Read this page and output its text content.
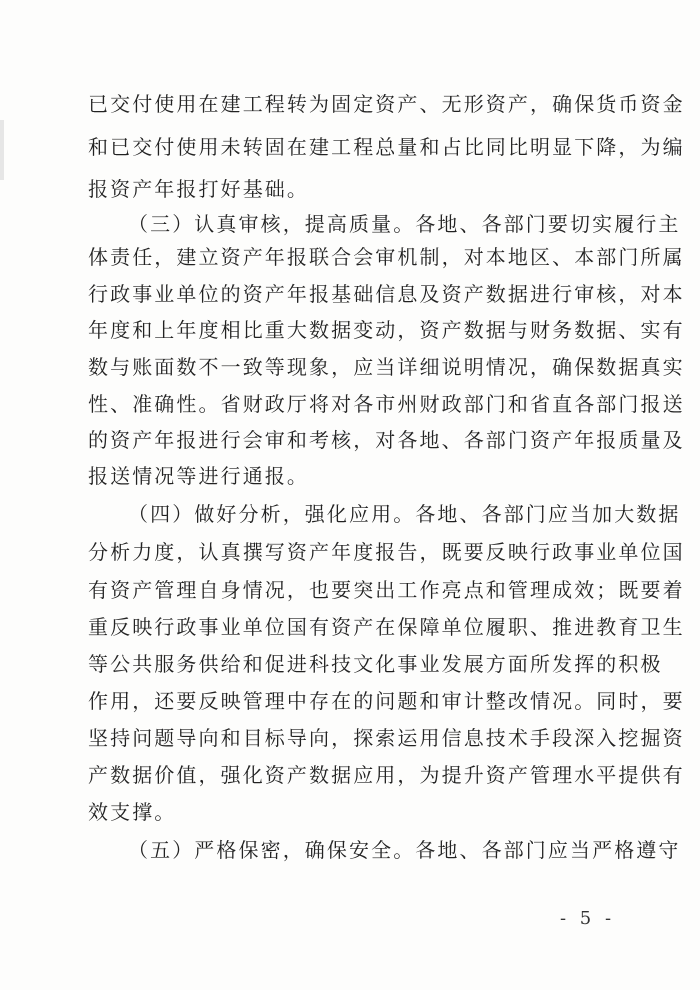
已交付使用在建工程转为固定资产、无形资产，确保货币资金
和已交付使用未转固在建工程总量和占比同比明显下降，为编
报资产年报打好基础。
（三）认真审核，提高质量。各地、各部门要切实履行主
体责任，建立资产年报联合会审机制，对本地区、本部门所属
行政事业单位的资产年报基础信息及资产数据进行审核，对本
年度和上年度相比重大数据变动，资产数据与财务数据、实有
数与账面数不一致等现象，应当详细说明情况，确保数据真实
性、准确性。省财政厅将对各市州财政部门和省直各部门报送
的资产年报进行会审和考核，对各地、各部门资产年报质量及
报送情况等进行通报。
（四）做好分析，强化应用。各地、各部门应当加大数据
分析力度，认真撰写资产年度报告，既要反映行政事业单位国
有资产管理自身情况，也要突出工作亮点和管理成效；既要着
重反映行政事业单位国有资产在保障单位履职、推进教育卫生
等公共服务供给和促进科技文化事业发展方面所发挥的积极
作用，还要反映管理中存在的问题和审计整改情况。同时，要
坚持问题导向和目标导向，探索运用信息技术手段深入挖掘资
产数据价值，强化资产数据应用，为提升资产管理水平提供有
效支撑。
（五）严格保密，确保安全。各地、各部门应当严格遵守
- 5 -
